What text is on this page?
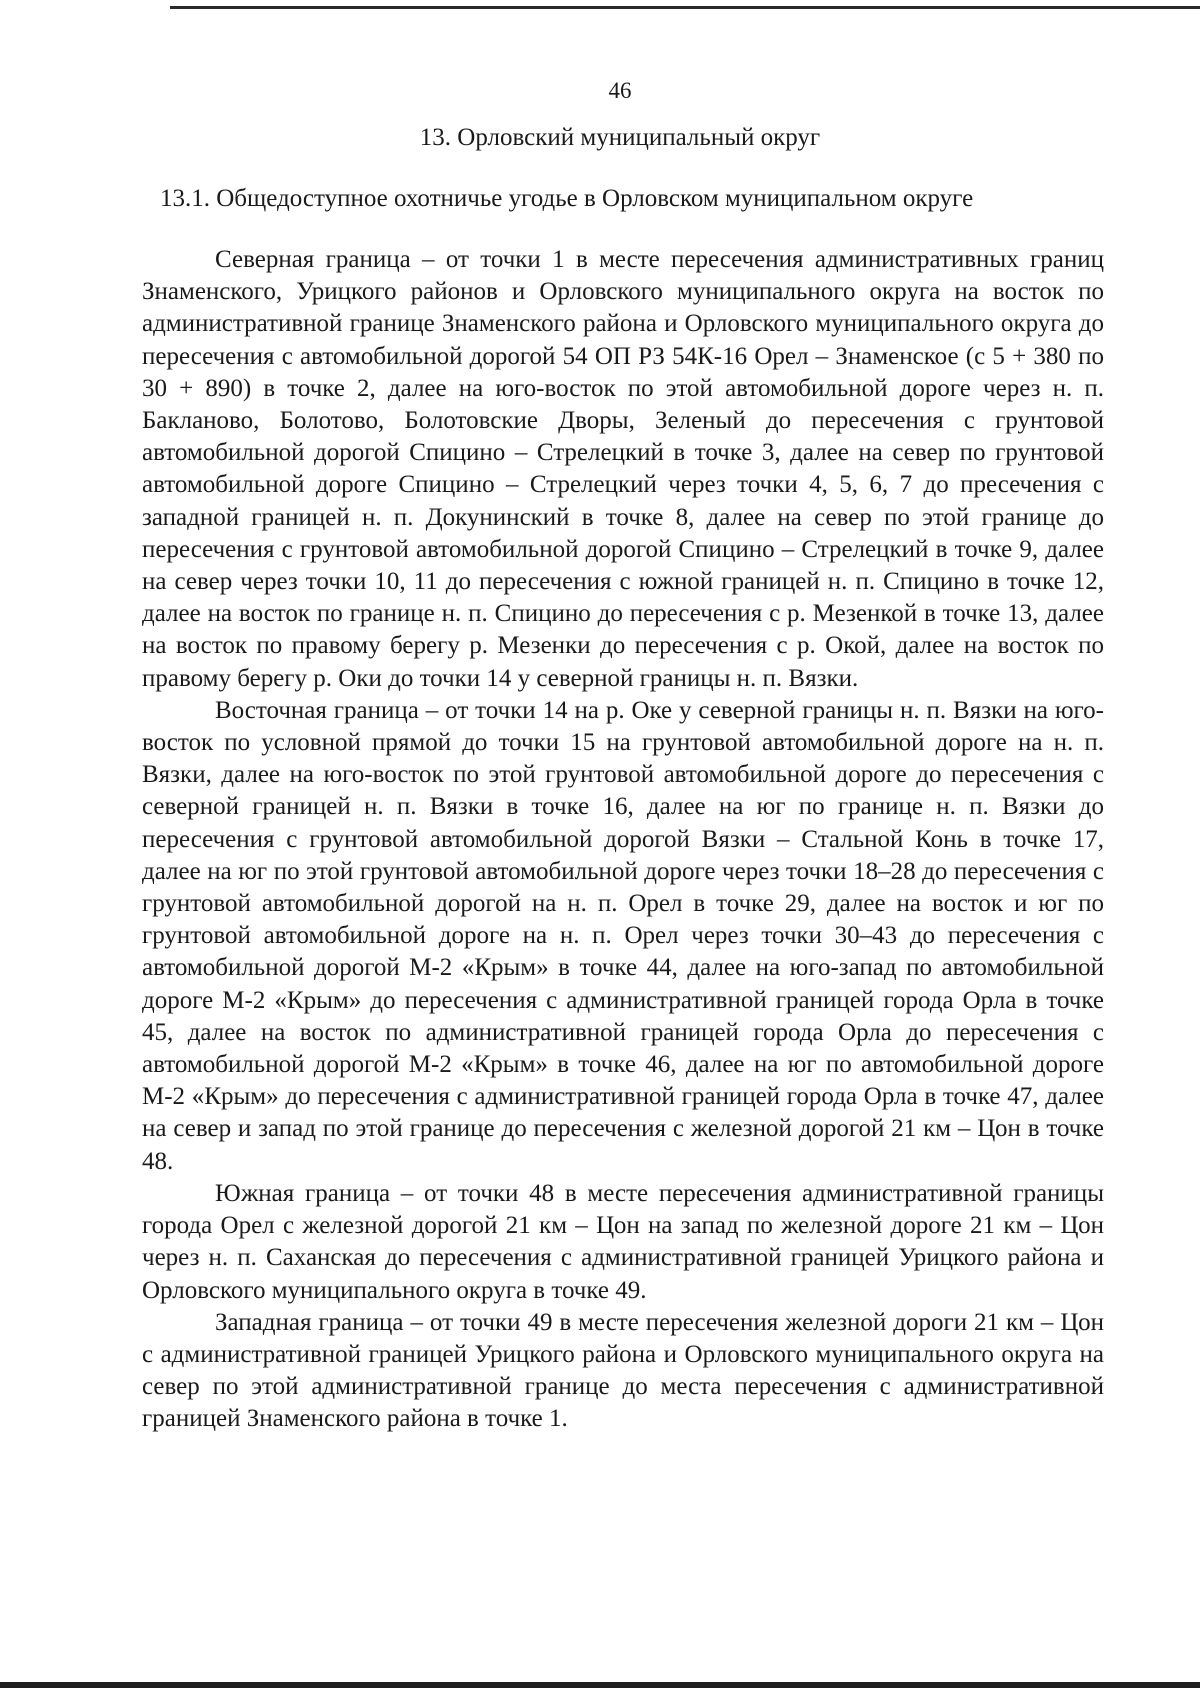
46
13. Орловский муниципальный округ
13.1. Общедоступное охотничье угодье в Орловском муниципальном округе

Северная граница – от точки 1 в месте пересечения административных границ Знаменского, Урицкого районов и Орловского муниципального округа на восток по административной границе Знаменского района и Орловского муниципального округа до пересечения с автомобильной дорогой 54 ОП РЗ 54К-16 Орел – Знаменское (с 5 + 380 по 30 + 890) в точке 2, далее на юго-восток по этой автомобильной дороге через н. п. Бакланово, Болотово, Болотовские Дворы, Зеленый до пересечения с грунтовой автомобильной дорогой Спицино – Стрелецкий в точке 3, далее на север по грунтовой автомобильной дороге Спицино – Стрелецкий через точки 4, 5, 6, 7 до пресечения с западной границей н. п. Докунинский в точке 8, далее на север по этой границе до пересечения с грунтовой автомобильной дорогой Спицино – Стрелецкий в точке 9, далее на север через точки 10, 11 до пересечения с южной границей н. п. Спицино в точке 12, далее на восток по границе н. п. Спицино до пересечения с р. Мезенкой в точке 13, далее на восток по правому берегу р. Мезенки до пересечения с р. Окой, далее на восток по правому берегу р. Оки до точки 14 у северной границы н. п. Вязки.

Восточная граница – от точки 14 на р. Оке у северной границы н. п. Вязки на юго-восток по условной прямой до точки 15 на грунтовой автомобильной дороге на н. п. Вязки, далее на юго-восток по этой грунтовой автомобильной дороге до пересечения с северной границей н. п. Вязки в точке 16, далее на юг по границе н. п. Вязки до пересечения с грунтовой автомобильной дорогой Вязки – Стальной Конь в точке 17, далее на юг по этой грунтовой автомобильной дороге через точки 18–28 до пересечения с грунтовой автомобильной дорогой на н. п. Орел в точке 29, далее на восток и юг по грунтовой автомобильной дороге на н. п. Орел через точки 30–43 до пересечения с автомобильной дорогой М-2 «Крым» в точке 44, далее на юго-запад по автомобильной дороге М-2 «Крым» до пересечения с административной границей города Орла в точке 45, далее на восток по административной границей города Орла до пересечения с автомобильной дорогой М-2 «Крым» в точке 46, далее на юг по автомобильной дороге М-2 «Крым» до пересечения с административной границей города Орла в точке 47, далее на север и запад по этой границе до пересечения с железной дорогой 21 км – Цон в точке 48.

Южная граница – от точки 48 в месте пересечения административной границы города Орел с железной дорогой 21 км – Цон на запад по железной дороге 21 км – Цон через н. п. Саханская до пересечения с административной границей Урицкого района и Орловского муниципального округа в точке 49.

Западная граница – от точки 49 в месте пересечения железной дороги 21 км – Цон с административной границей Урицкого района и Орловского муниципального округа на север по этой административной границе до места пересечения с административной границей Знаменского района в точке 1.
